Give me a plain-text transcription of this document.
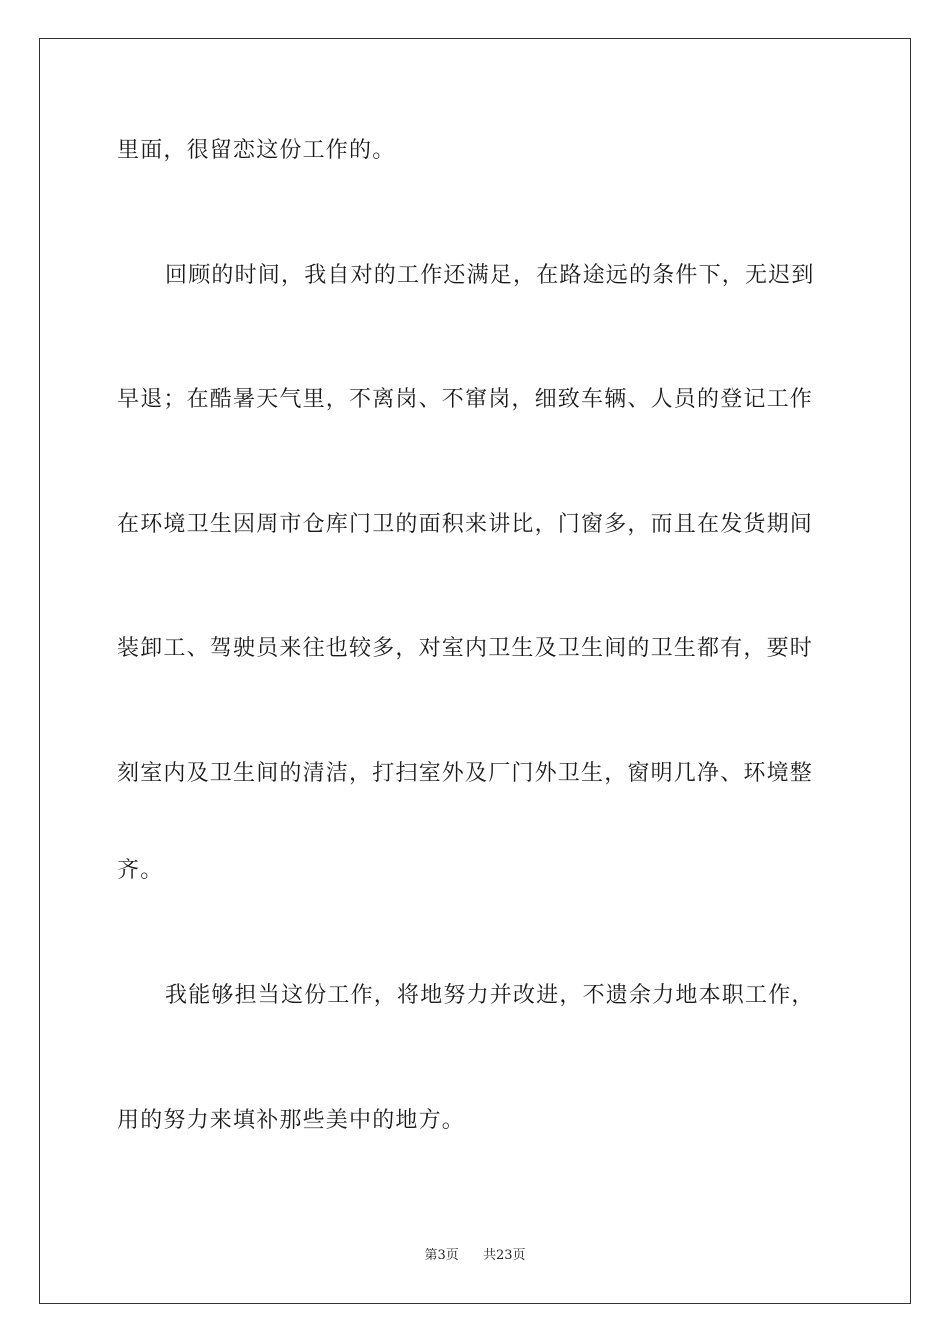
里面，很留恋这份工作的。
回顾的时间，我自对的工作还满足，在路途远的条件下，无迟到
早退；在酷暑天气里，不离岗、不窜岗，细致车辆、人员的登记工作
在环境卫生因周市仓库门卫的面积来讲比，门窗多，而且在发货期间
装卸工、驾驶员来往也较多，对室内卫生及卫生间的卫生都有，要时
刻室内及卫生间的清洁，打扫室外及厂门外卫生，窗明几净、环境整
齐。
我能够担当这份工作，将地努力并改进，不遗余力地本职工作，
用的努力来填补那些美中的地方。
第3页 共23页
